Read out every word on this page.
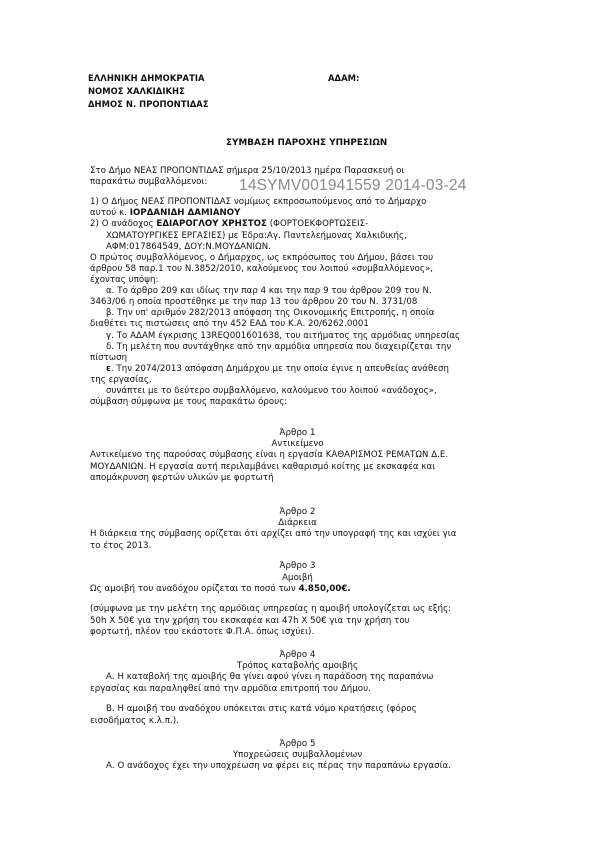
ΕΛΛΗΝΙΚΗ ΔΗΜΟΚΡΑΤΙΑ	ΑΔΑΜ:
ΝΟΜΟΣ ΧΑΛΚΙΔΙΚΗΣ
ΔΗΜΟΣ Ν. ΠΡΟΠΟΝΤΙΔΑΣ
ΣΥΜΒΑΣΗ ΠΑΡΟΧΗΣ ΥΠΗΡΕΣΙΩΝ
Στο Δήμο ΝΕΑΣ ΠΡΟΠΟΝΤΙΔΑΣ σήμερα 25/10/2013 ημέρα Παρασκευή οι
παρακάτω συμβαλλόμενοι: 14SYMV001941559 2014-03-24
1) Ο Δήμος ΝΕΑΣ ΠΡΟΠΟΝΤΙΔΑΣ νομίμως εκπροσωπούμενος από το Δήμαρχο
αυτού κ. ΙΟΡΔΑΝΙΔΗ ΔΑΜΙΑΝΟΥ
2) Ο ανάδοχος ΕΔΙΑΡΟΓΛΟΥ ΧΡΗΣΤΟΣ (ΦΟΡΤΟΕΚΦΟΡΤΩΣΕΙΣ-
ΧΩΜΑΤΟΥΡΓΙΚΕΣ ΕΡΓΑΣΙΕΣ) με Έδρα:Αγ. Παντελεήμονας Χαλκιδικής,
ΑΦΜ:017864549, ΔΟΥ:Ν.ΜΟΥΔΑΝΙΩΝ.
Ο πρώτος συμβαλλόμενος, ο Δήμαρχος, ως εκπρόσωπος του Δήμου, βάσει του
άρθρου 58 παρ.1 του Ν.3852/2010, καλούμενος του λοιπού «συμβαλλόμενος»,
έχοντας υπόψη:
α. Το άρθρο 209 και ιδίως την παρ 4 και την παρ 9 του άρθρου 209 του Ν.
3463/06 η οποία προστέθηκε με την παρ 13 του άρθρου 20 του Ν. 3731/08
β. Την υπ' αριθμόν 282/2013 απόφαση της Οικονομικής Επιτροπής, η οποία
διαθέτει τις πιστώσεις από την 452 ΕΑΔ του Κ.Α. 20/6262.0001
γ. Το ΑΔΑΜ έγκρισης 13REQ001601638, του αιτήματος της αρμόδιας υπηρεσίας
δ. Τη μελέτη που συντάχθηκε από την αρμόδια υπηρεσία που διαχειρίζεται την
πίστωση
ε. Την 2074/2013 απόφαση Δημάρχου με την οποία έγινε η απευθείας ανάθεση
της εργασίας,
συνάπτει με το δεύτερο συμβαλλόμενο, καλούμενο του λοιπού «ανάδοχος»,
σύμβαση σύμφωνα με τους παρακάτω όρους:
Άρθρο 1
Αντικείμενο
Αντικείμενο της παρούσας σύμβασης είναι η εργασία ΚΑΘΑΡΙΣΜΟΣ ΡΕΜΑΤΩΝ Δ.Ε.
ΜΟΥΔΑΝΙΩΝ. Η εργασία αυτή περιλαμβάνει καθαρισμό κοίτης με εκσκαφέα και
απομάκρυνση φερτών υλικών με φορτωτή
Άρθρο 2
Διάρκεια
Η διάρκεια της σύμβασης ορίζεται ότι αρχίζει από την υπογραφή της και ισχύει για
το έτος 2013.
Άρθρο 3
Αμοιβή
Ως αμοιβή του αναδόχου ορίζεται το ποσό των 4.850,00€.
(σύμφωνα με την μελέτη της αρμόδιας υπηρεσίας η αμοιβή υπολογίζεται ως εξής:
50h Χ 50€ για την χρήση του εκσκαφέα και 47h Χ 50€ για την χρήση του
φορτωτή, πλέον του εκάστοτε Φ.Π.Α. όπως ισχύει).
Άρθρο 4
Τρόπος καταβολής αμοιβής
Α. Η καταβολή της αμοιβής θα γίνει αφού γίνει η παράδοση της παραπάνω
εργασίας και παραληφθεί από την αρμόδια επιτροπή του Δήμου.
Β. Η αμοιβή του αναδόχου υπόκειται στις κατά νόμο κρατήσεις (φόρος
εισοδήματος κ.λ.π.).
Άρθρο 5
Υποχρεώσεις συμβαλλομένων
Α. Ο ανάδοχος έχει την υποχρέωση να φέρει εις πέρας την παραπάνω εργασία.
